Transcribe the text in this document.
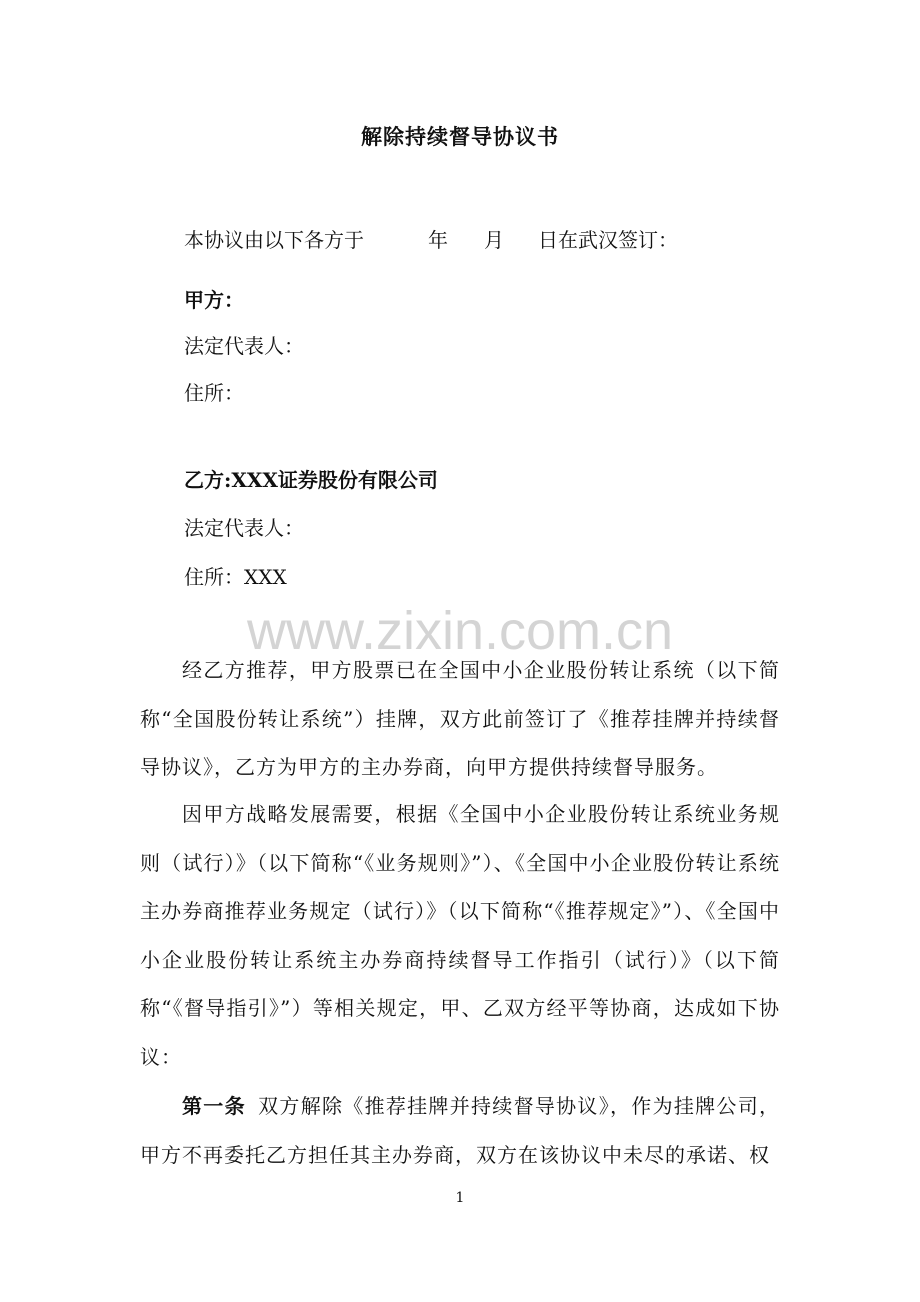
解除持续督导协议书
本协议由以下各方于	年 月 日在武汉签订：
甲方：
法定代表人：
住所：
乙方:XXX证券股份有限公司
法定代表人：
住所：XXX
www.zixin.com.cn
经乙方推荐，甲方股票已在全国中小企业股份转让系统（以下简称“全国股份转让系统”）挂牌，双方此前签订了《推荐挂牌并持续督导协议》，乙方为甲方的主办券商，向甲方提供持续督导服务。
因甲方战略发展需要，根据《全国中小企业股份转让系统业务规则（试行）》（以下简称“《业务规则》”）、《全国中小企业股份转让系统主办券商推荐业务规定（试行）》（以下简称“《推荐规定》”）、《全国中小企业股份转让系统主办券商持续督导工作指引（试行）》（以下简称“《督导指引》”）等相关规定，甲、乙双方经平等协商，达成如下协议：
第一条 双方解除《推荐挂牌并持续督导协议》，作为挂牌公司，甲方不再委托乙方担任其主办券商，双方在该协议中未尽的承诺、权
1
